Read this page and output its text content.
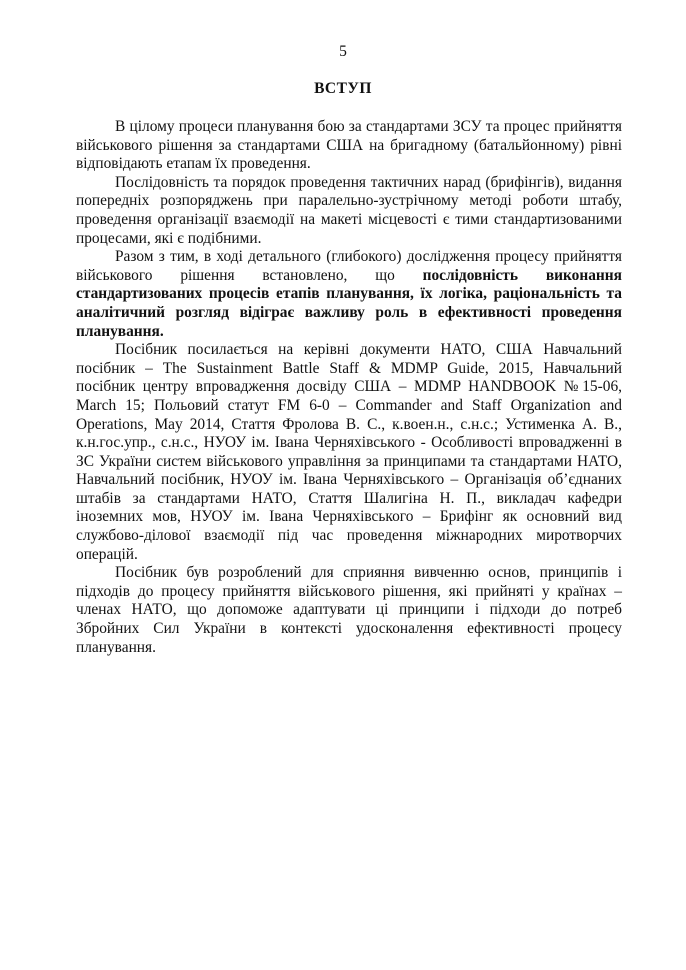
5
ВСТУП

В цілому процеси планування бою за стандартами ЗСУ та процес прийняття військового рішення за стандартами США на бригадному (батальйонному) рівні відповідають етапам їх проведення.

Послідовність та порядок проведення тактичних нарад (брифінгів), видання попередніх розпоряджень при паралельно-зустрічному методі роботи штабу, проведення організації взаємодії на макеті місцевості є тими стандартизованими процесами, які є подібними.

Разом з тим, в ході детального (глибокого) дослідження процесу прийняття військового рішення встановлено, що послідовність виконання стандартизованих процесів етапів планування, їх логіка, раціональність та аналітичний розгляд відіграє важливу роль в ефективності проведення планування.

Посібник посилається на керівні документи НАТО, США Навчальний посібник – The Sustainment Battle Staff & MDMP Guide, 2015, Навчальний посібник центру впровадження досвіду США – MDMP HANDBOOK №15-06, March 15; Польовий статут FM 6-0 – Commander and Staff Organization and Operations, May 2014, Стаття Фролова В. С., к.воен.н., с.н.с.; Устименка А. В., к.н.гос.упр., с.н.с., НУОУ ім. Івана Черняхівського - Особливості впровадженні в ЗС України систем військового управління за принципами та стандартами НАТО, Навчальний посібник, НУОУ ім. Івана Черняхівського – Організація об’єднаних штабів за стандартами НАТО, Стаття Шалигіна Н. П., викладач кафедри іноземних мов, НУОУ ім. Івана Черняхівського – Брифінг як основний вид службово-ділової взаємодії під час проведення міжнародних миротворчих операцій.

Посібник був розроблений для сприяння вивченню основ, принципів і підходів до процесу прийняття військового рішення, які прийняті у країнах – членах НАТО, що допоможе адаптувати ці принципи і підходи до потреб Збройних Сил України в контексті удосконалення ефективності процесу планування.
